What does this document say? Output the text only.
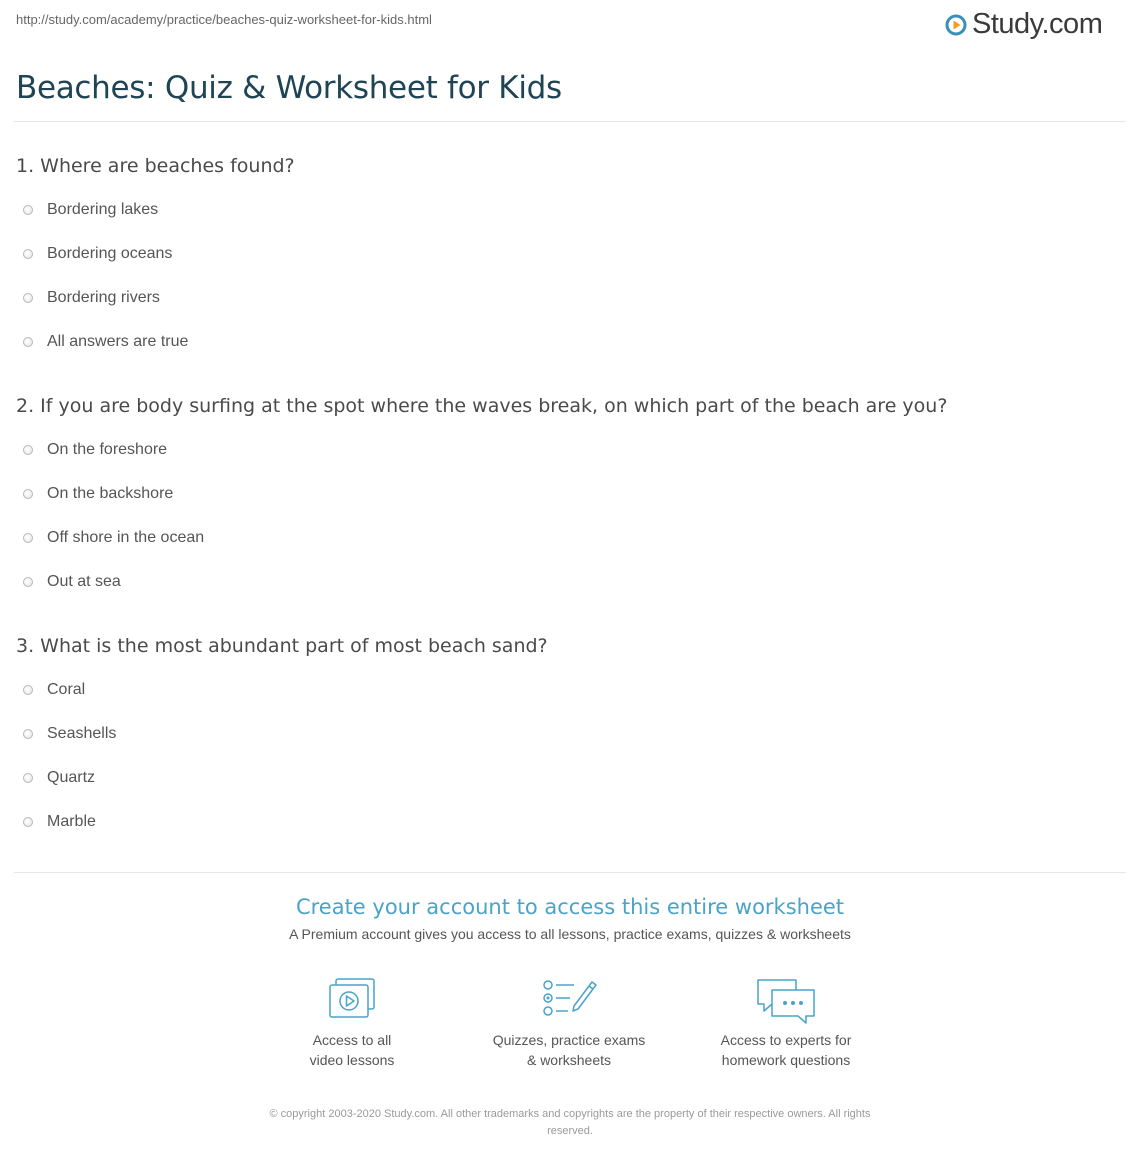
http://study.com/academy/practice/beaches-quiz-worksheet-for-kids.html	Study.com
Beaches: Quiz & Worksheet for Kids
1. Where are beaches found?
Bordering lakes
Bordering oceans
Bordering rivers
All answers are true
2. If you are body surfing at the spot where the waves break, on which part of the beach are you?
On the foreshore
On the backshore
Off shore in the ocean
Out at sea
3. What is the most abundant part of most beach sand?
Coral
Seashells
Quartz
Marble
Create your account to access this entire worksheet
A Premium account gives you access to all lessons, practice exams, quizzes & worksheets
Access to all
video lessons
Quizzes, practice exams
& worksheets
Access to experts for
homework questions
© copyright 2003-2020 Study.com. All other trademarks and copyrights are the property of their respective owners. All rights
reserved.
